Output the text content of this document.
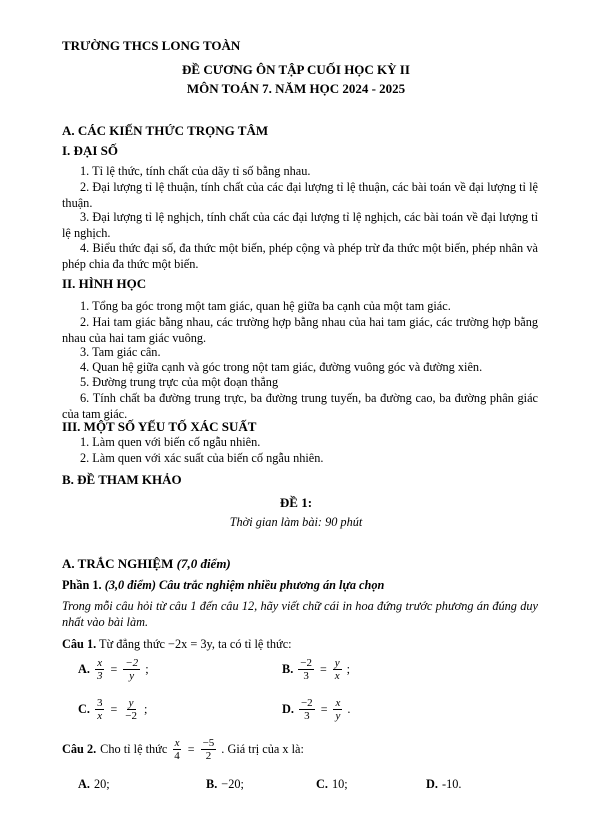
TRƯỜNG THCS LONG TOÀN
ĐỀ CƯƠNG ÔN TẬP CUỐI HỌC KỲ II
MÔN TOÁN 7. NĂM HỌC 2024 - 2025
A. CÁC KIẾN THỨC TRỌNG TÂM
I. ĐẠI SỐ
1. Tỉ lệ thức, tính chất của dãy tỉ số bằng nhau.
2. Đại lượng tỉ lệ thuận, tính chất của các đại lượng tỉ lệ thuận, các bài toán về đại lượng tỉ lệ thuận.
3. Đại lượng tỉ lệ nghịch, tính chất của các đại lượng tỉ lệ nghịch, các bài toán về đại lượng tỉ lệ nghịch.
4. Biểu thức đại số, đa thức một biến, phép cộng và phép trừ đa thức một biến, phép nhân và phép chia đa thức một biến.
II. HÌNH HỌC
1. Tổng ba góc trong một tam giác, quan hệ giữa ba cạnh của một tam giác.
2. Hai tam giác bằng nhau, các trường hợp bằng nhau của hai tam giác, các trường hợp bằng nhau của hai tam giác vuông.
3. Tam giác cân.
4. Quan hệ giữa cạnh và góc trong nột tam giác, đường vuông góc và đường xiên.
5. Đường trung trực của một đoạn thẳng
6. Tính chất ba đường trung trực, ba đường trung tuyến, ba đường cao, ba đường phân giác của tam giác.
III. MỘT SỐ YẾU TỐ XÁC SUẤT
1. Làm quen với biến cố ngẫu nhiên.
2. Làm quen với xác suất của biến cố ngẫu nhiên.
B. ĐỀ THAM KHẢO
ĐỀ 1:
Thời gian làm bài: 90 phút
A. TRẮC NGHIỆM (7,0 điểm)
Phần 1. (3,0 điểm) Câu trắc nghiệm nhiều phương án lựa chọn
Trong mỗi câu hỏi từ câu 1 đến câu 12, hãy viết chữ cái in hoa đứng trước phương án đúng duy nhất vào bài làm.
Câu 1. Từ đẳng thức −2x = 3y, ta có tỉ lệ thức:
A. $\frac{x}{3} = \frac{-2}{y}$ ;	B. $\frac{-2}{3} = \frac{y}{x}$ ;
C. $\frac{3}{x} = \frac{y}{-2}$ ;	D. $\frac{-2}{3} = \frac{x}{y}$ .
Câu 2. Cho tỉ lệ thức $\frac{x}{4} = \frac{-5}{2}$ . Giá trị của x là:
A. 20;	B. −20;	C. 10;	D. -10.
